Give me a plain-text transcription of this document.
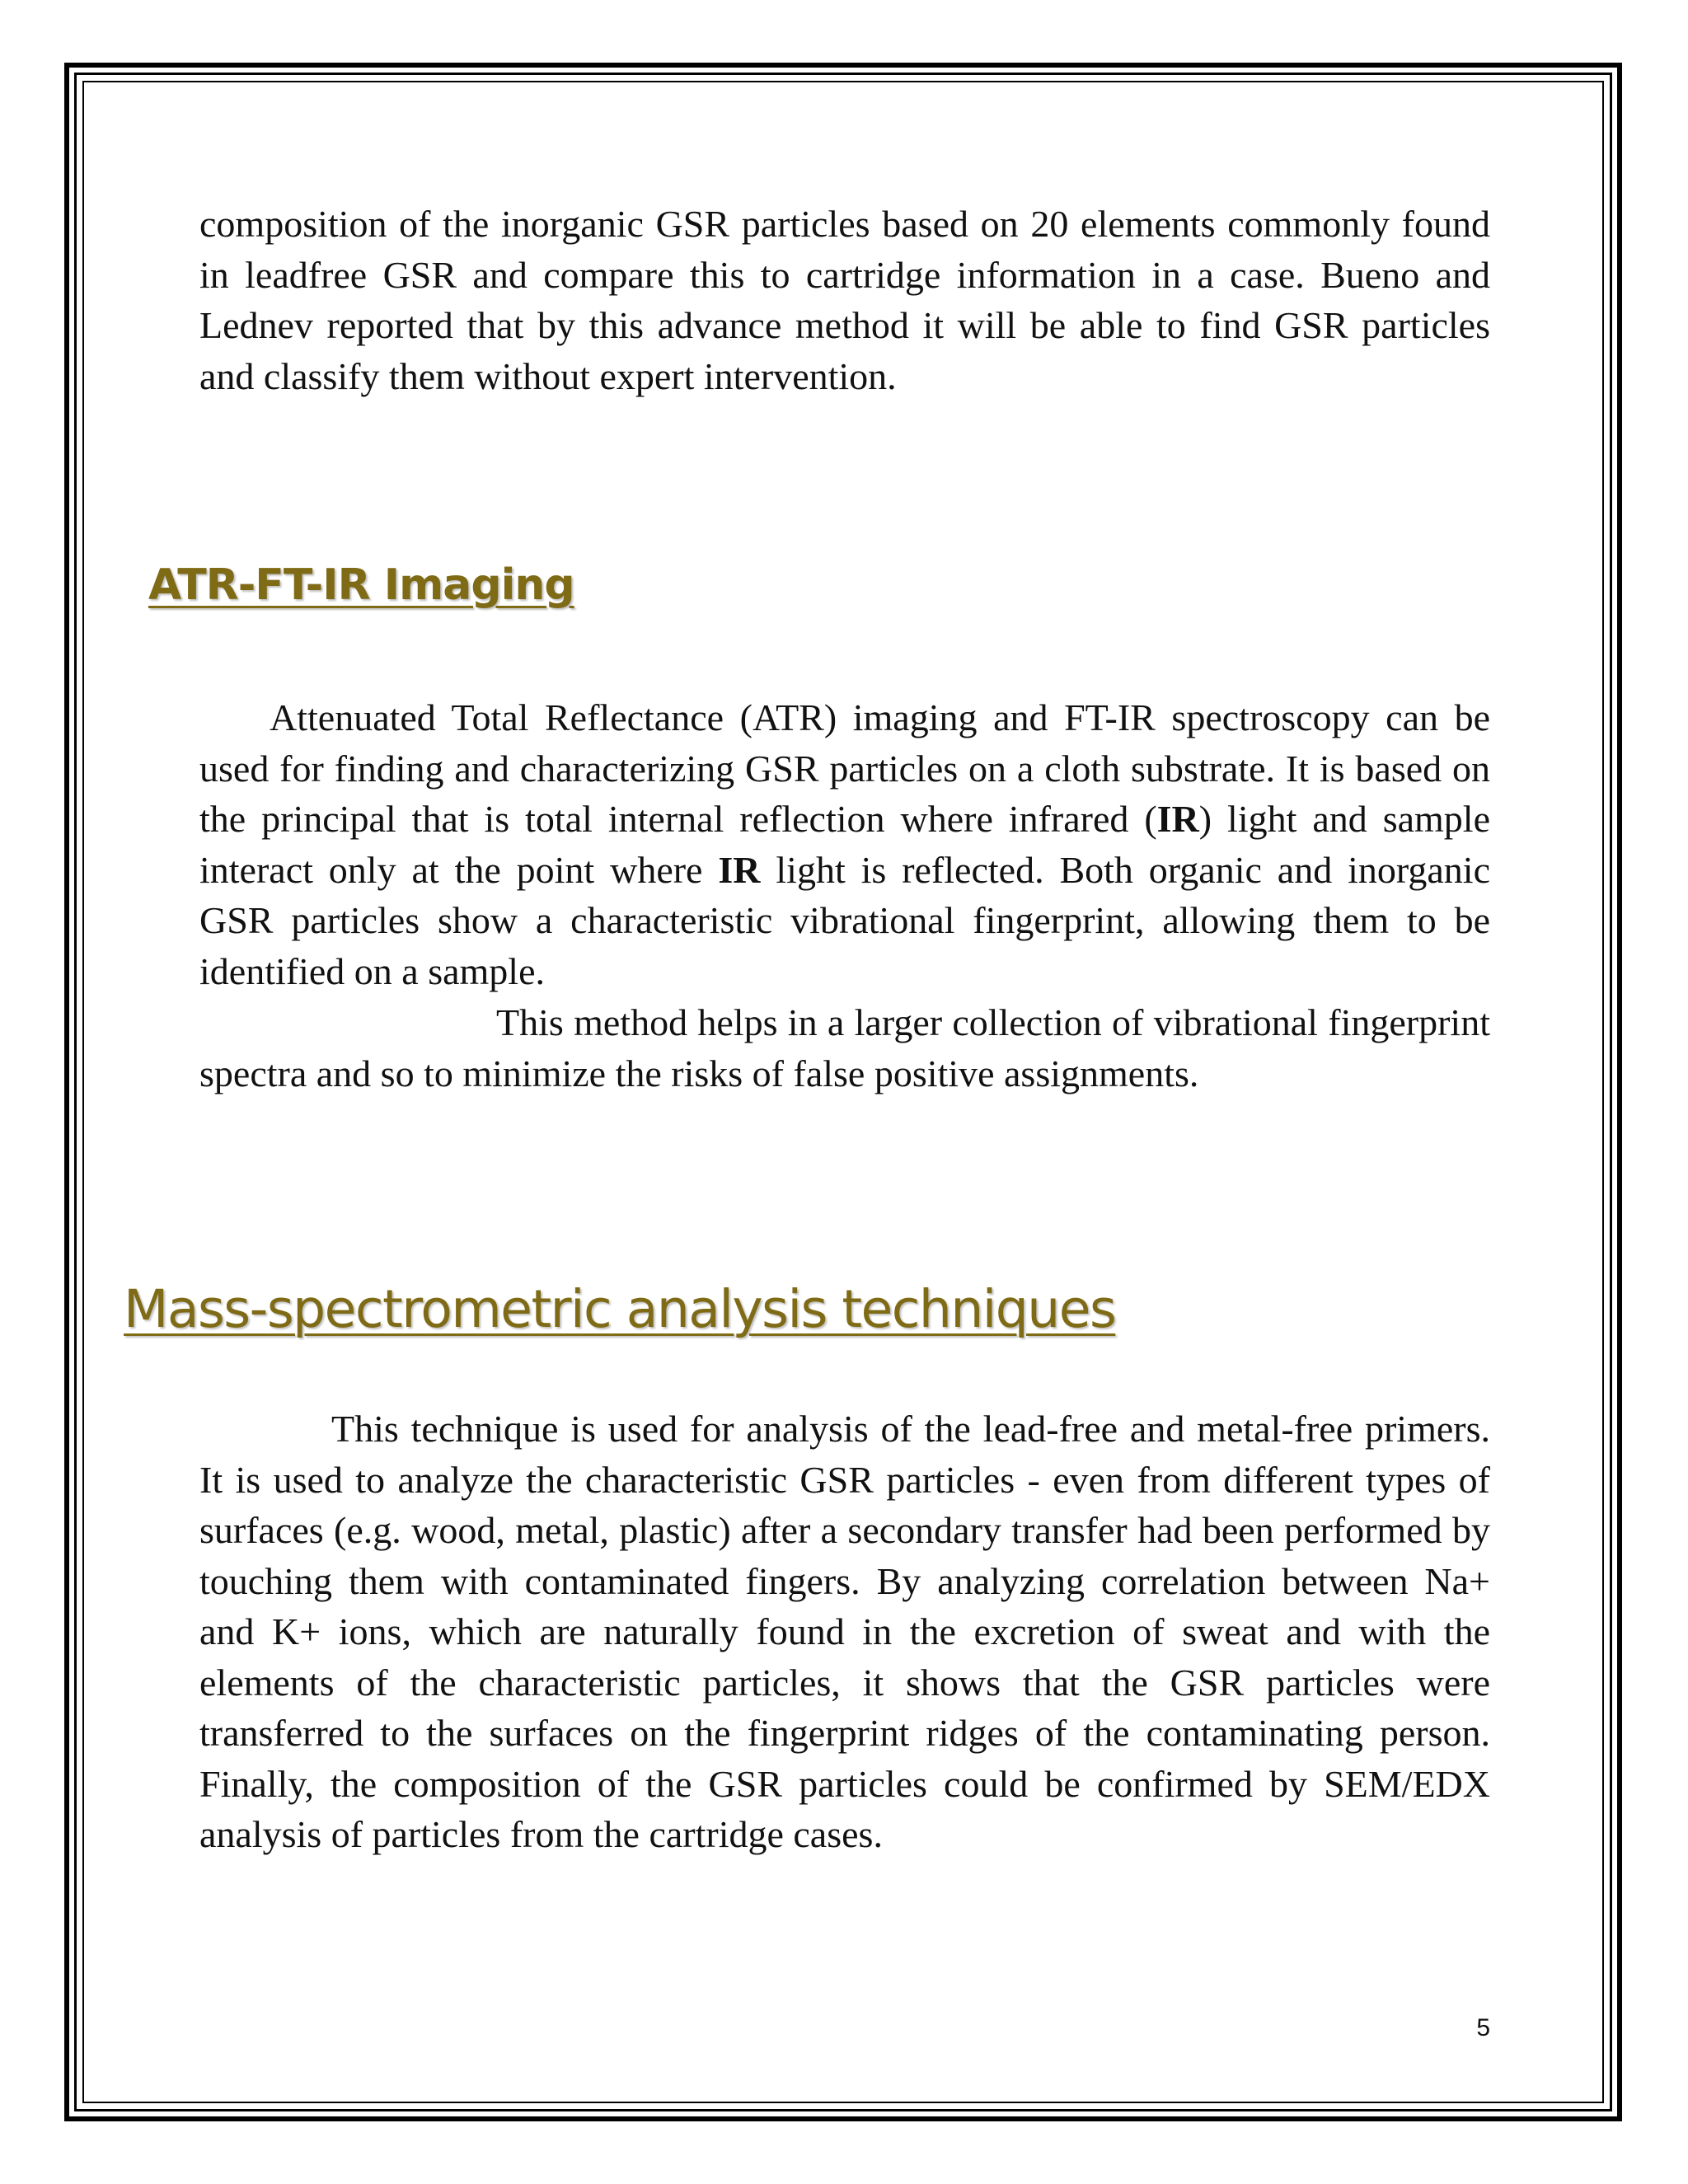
composition of the inorganic GSR particles based on 20 elements commonly found in leadfree GSR and compare this to cartridge information in a case. Bueno and Lednev reported that by this advance method it will be able to find GSR particles and classify them without expert intervention.

ATR-FT-IR Imaging

Attenuated Total Reflectance (ATR) imaging and FT-IR spectroscopy can be used for finding and characterizing GSR particles on a cloth substrate. It is based on the principal that is total internal reflection where infrared (IR) light and sample interact only at the point where IR light is reflected. Both organic and inorganic GSR particles show a characteristic vibrational fingerprint, allowing them to be identified on a sample.

This method helps in a larger collection of vibrational fingerprint spectra and so to minimize the risks of false positive assignments.

Mass-spectrometric analysis techniques

This technique is used for analysis of the lead-free and metal-free primers. It is used to analyze the characteristic GSR particles - even from different types of surfaces (e.g. wood, metal, plastic) after a secondary transfer had been performed by touching them with contaminated fingers. By analyzing correlation between Na+ and K+ ions, which are naturally found in the excretion of sweat and with the elements of the characteristic particles, it shows that the GSR particles were transferred to the surfaces on the fingerprint ridges of the contaminating person. Finally, the composition of the GSR particles could be confirmed by SEM/EDX analysis of particles from the cartridge cases.

5
